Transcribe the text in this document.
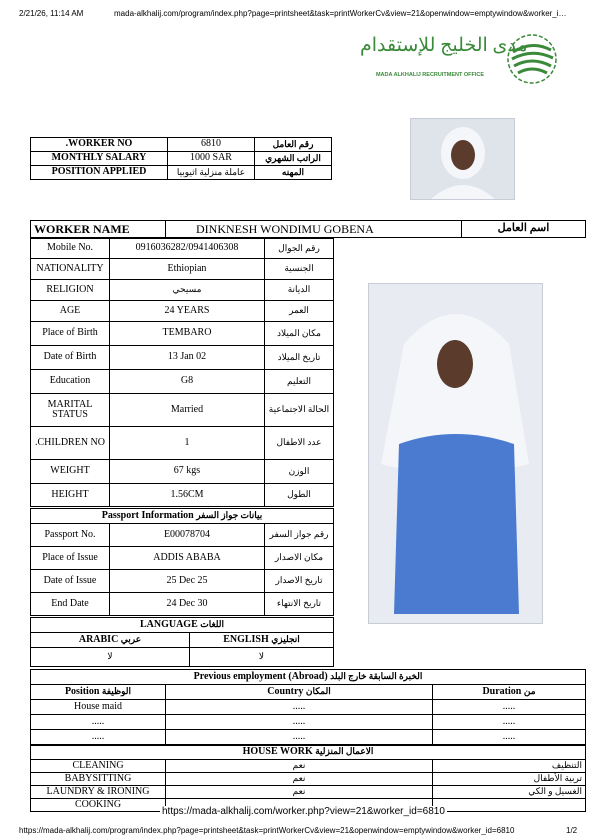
2/21/26, 11:14 AM	mada-alkhalij.com/program/index.php?page=printsheet&task=printWorkerCv&view=21&openwindow=emptywindow&worker_i…
مدى الخليج للإستقدام
MADA ALKHALIJ RECRUITMENT OFFICE
.WORKER NO	6810	رقم العامل
MONTHLY SALARY	1000 SAR	الراتب الشهري
POSITION APPLIED	عاملة منزلية اثيوبيا	المهنه
WORKER NAME	DINKNESH WONDIMU GOBENA	اسم العامل
Mobile No.	0916036282/0941406308	رقم الجوال
NATIONALITY	Ethiopian	الجنسية
RELIGION	مسيحي	الديانة
AGE	24 YEARS	العمر
Place of Birth	TEMBARO	مكان الميلاد
Date of Birth	13 Jan 02	تاريخ الميلاد
Education	G8	التعليم
MARITAL STATUS	Married	الحالة الاجتماعية
.CHILDREN NO	1	عدد الاطفال
WEIGHT	67 kgs	الوزن
HEIGHT	1.56CM	الطول
Passport Information بيانات جواز السفر		
Passport No.	E00078704	رقم جواز السفر
Place of Issue	ADDIS ABABA	مكان الاصدار
Date of Issue	25 Dec 25	تاريخ الاصدار
End Date	24 Dec 30	تاريخ الانتهاء
LANGUAGE اللغات	
ARABIC عربي	ENGLISH انجليزي
لا	لا
Previous employment (Abroad) الخبرة السابقة خارج البلد		
Position الوظيفة	Country المكان	Duration من
House maid	.....	.....
.....	.....	.....
.....	.....	.....
HOUSE WORK الاعمال المنزلية		
CLEANING	نعم	التنظيف
BABYSITTING	نعم	تربية الأطفال
LAUNDRY & IRONING	نعم	الغسيل و الكي
COOKING		
https://mada-alkhalij.com/worker.php?view=21&worker_id=6810
https://mada-alkhalij.com/program/index.php?page=printsheet&task=printWorkerCv&view=21&openwindow=emptywindow&worker_id=6810	1/2
